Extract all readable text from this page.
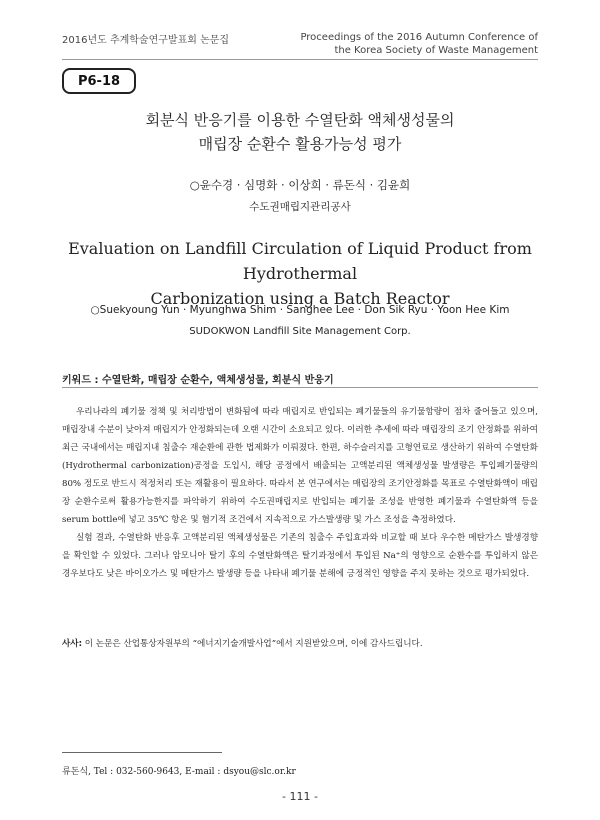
2016년도 추계학술연구발표회 논문집	Proceedings of the 2016 Autumn Conference of
the Korea Society of Waste Management
P6-18
회분식 반응기를 이용한 수열탄화 액체생성물의
매립장 순환수 활용가능성 평가
○윤수경 · 심명화 · 이상희 · 류돈식 · 김윤희
수도권매립지관리공사
Evaluation on Landfill Circulation of Liquid Product from Hydrothermal
Carbonization using a Batch Reactor
○Suekyoung Yun · Myunghwa Shim · Sanghee Lee · Don Sik Ryu · Yoon Hee Kim
SUDOKWON Landfill Site Management Corp.
키워드 : 수열탄화, 매립장 순환수, 액체생성물, 회분식 반응기

우리나라의 폐기물 정책 및 처리방법이 변화됨에 따라 매립지로 반입되는 폐기물들의 유기물함량이 점차 줄어들고 있으며, 매립장내 수분이 낮아져 매립지가 안정화되는데 오랜 시간이 소요되고 있다. 이러한 추세에 따라 매립장의 조기 안정화를 위하여 최근 국내에서는 매립지내 침출수 재순환에 관한 법제화가 이뤄졌다. 한편, 하수슬러지를 고형연료로 생산하기 위하여 수열탄화(Hydrothermal carbonization)공정을 도입시, 해당 공정에서 배출되는 고액분리된 액체생성물 발생량은 투입폐기물량의 80% 정도로 반드시 적정처리 또는 재활용이 필요하다. 따라서 본 연구에서는 매립장의 조기안정화를 목표로 수열탄화액이 매립장 순환수로써 활용가능한지를 파악하기 위하여 수도권매립지로 반입되는 폐기물 조성을 반영한 폐기물과 수열탄화액 등을 serum bottle에 넣고 35℃ 항온 및 혐기적 조건에서 지속적으로 가스발생량 및 가스 조성을 측정하였다.

실험 결과, 수열탄화 반응후 고액분리된 액체생성물은 기존의 침출수 주입효과와 비교할 때 보다 우수한 메탄가스 발생경향을 확인할 수 있었다. 그러나 암모니아 탈기 후의 수열탄화액은 탈기과정에서 투입된 Na⁺의 영향으로 순환수를 투입하지 않은 경우보다도 낮은 바이오가스 및 메탄가스 발생량 등을 나타내 폐기물 분해에 긍정적인 영향을 주지 못하는 것으로 평가되었다.

사사: 이 논문은 산업통상자원부의 “에너지기술개발사업”에서 지원받았으며, 이에 감사드립니다.
류돈식, Tel : 032-560-9643, E-mail : dsyou@slc.or.kr
- 111 -
